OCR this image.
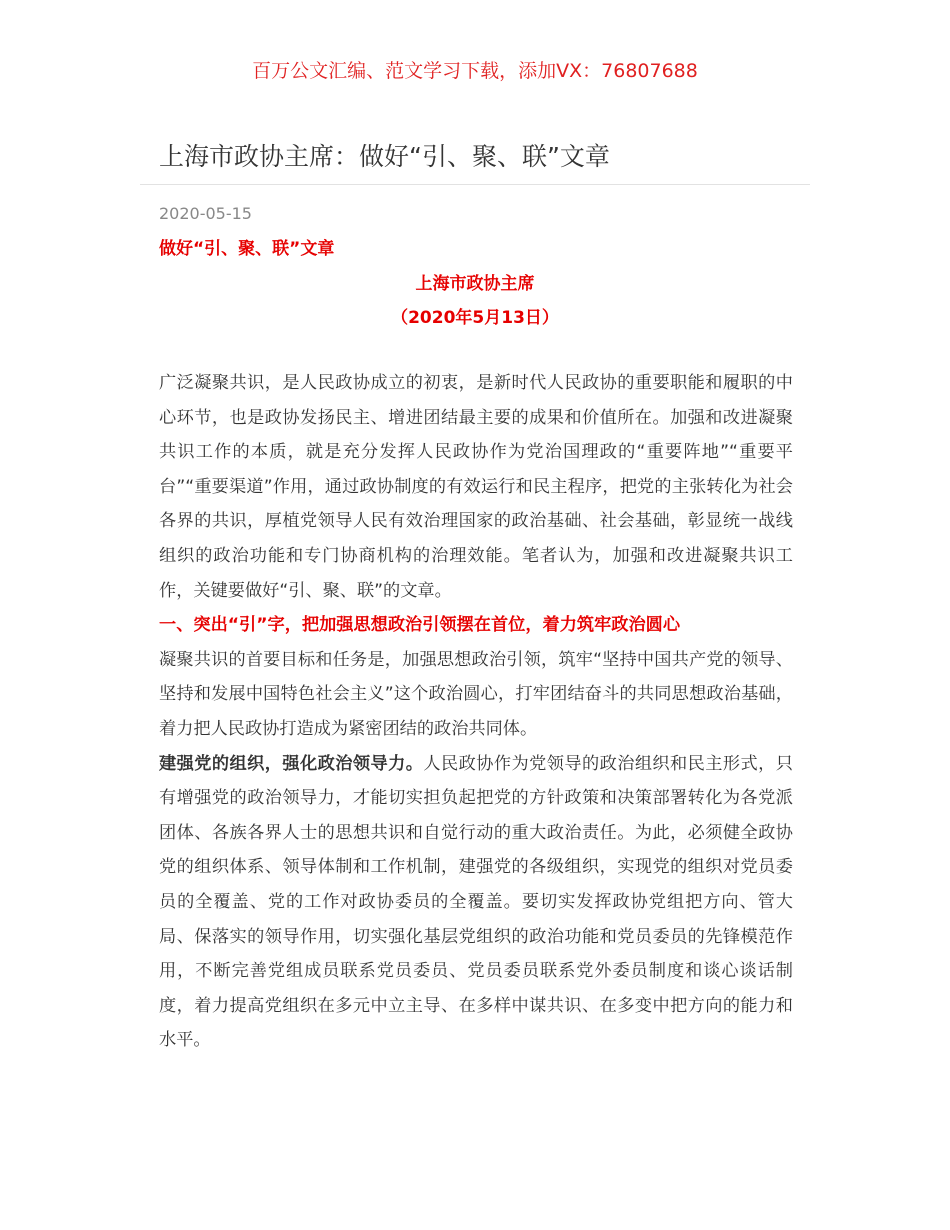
百万公文汇编、范文学习下载，添加VX：76807688
上海市政协主席：做好“引、聚、联”文章
2020-05-15
做好“引、聚、联”文章
上海市政协主席
（2020年5月13日）

广泛凝聚共识，是人民政协成立的初衷，是新时代人民政协的重要职能和履职的中心环节，也是政协发扬民主、增进团结最主要的成果和价值所在。加强和改进凝聚共识工作的本质，就是充分发挥人民政协作为党治国理政的“重要阵地”“重要平台”“重要渠道”作用，通过政协制度的有效运行和民主程序，把党的主张转化为社会各界的共识，厚植党领导人民有效治理国家的政治基础、社会基础，彰显统一战线组织的政治功能和专门协商机构的治理效能。笔者认为，加强和改进凝聚共识工作，关键要做好“引、聚、联”的文章。

一、突出“引”字，把加强思想政治引领摆在首位，着力筑牢政治圆心

凝聚共识的首要目标和任务是，加强思想政治引领，筑牢“坚持中国共产党的领导、坚持和发展中国特色社会主义”这个政治圆心，打牢团结奋斗的共同思想政治基础，着力把人民政协打造成为紧密团结的政治共同体。

建强党的组织，强化政治领导力。人民政协作为党领导的政治组织和民主形式，只有增强党的政治领导力，才能切实担负起把党的方针政策和决策部署转化为各党派团体、各族各界人士的思想共识和自觉行动的重大政治责任。为此，必须健全政协党的组织体系、领导体制和工作机制，建强党的各级组织，实现党的组织对党员委员的全覆盖、党的工作对政协委员的全覆盖。要切实发挥政协党组把方向、管大局、保落实的领导作用，切实强化基层党组织的政治功能和党员委员的先锋模范作用，不断完善党组成员联系党员委员、党员委员联系党外委员制度和谈心谈话制度，着力提高党组织在多元中立主导、在多样中谋共识、在多变中把方向的能力和水平。
